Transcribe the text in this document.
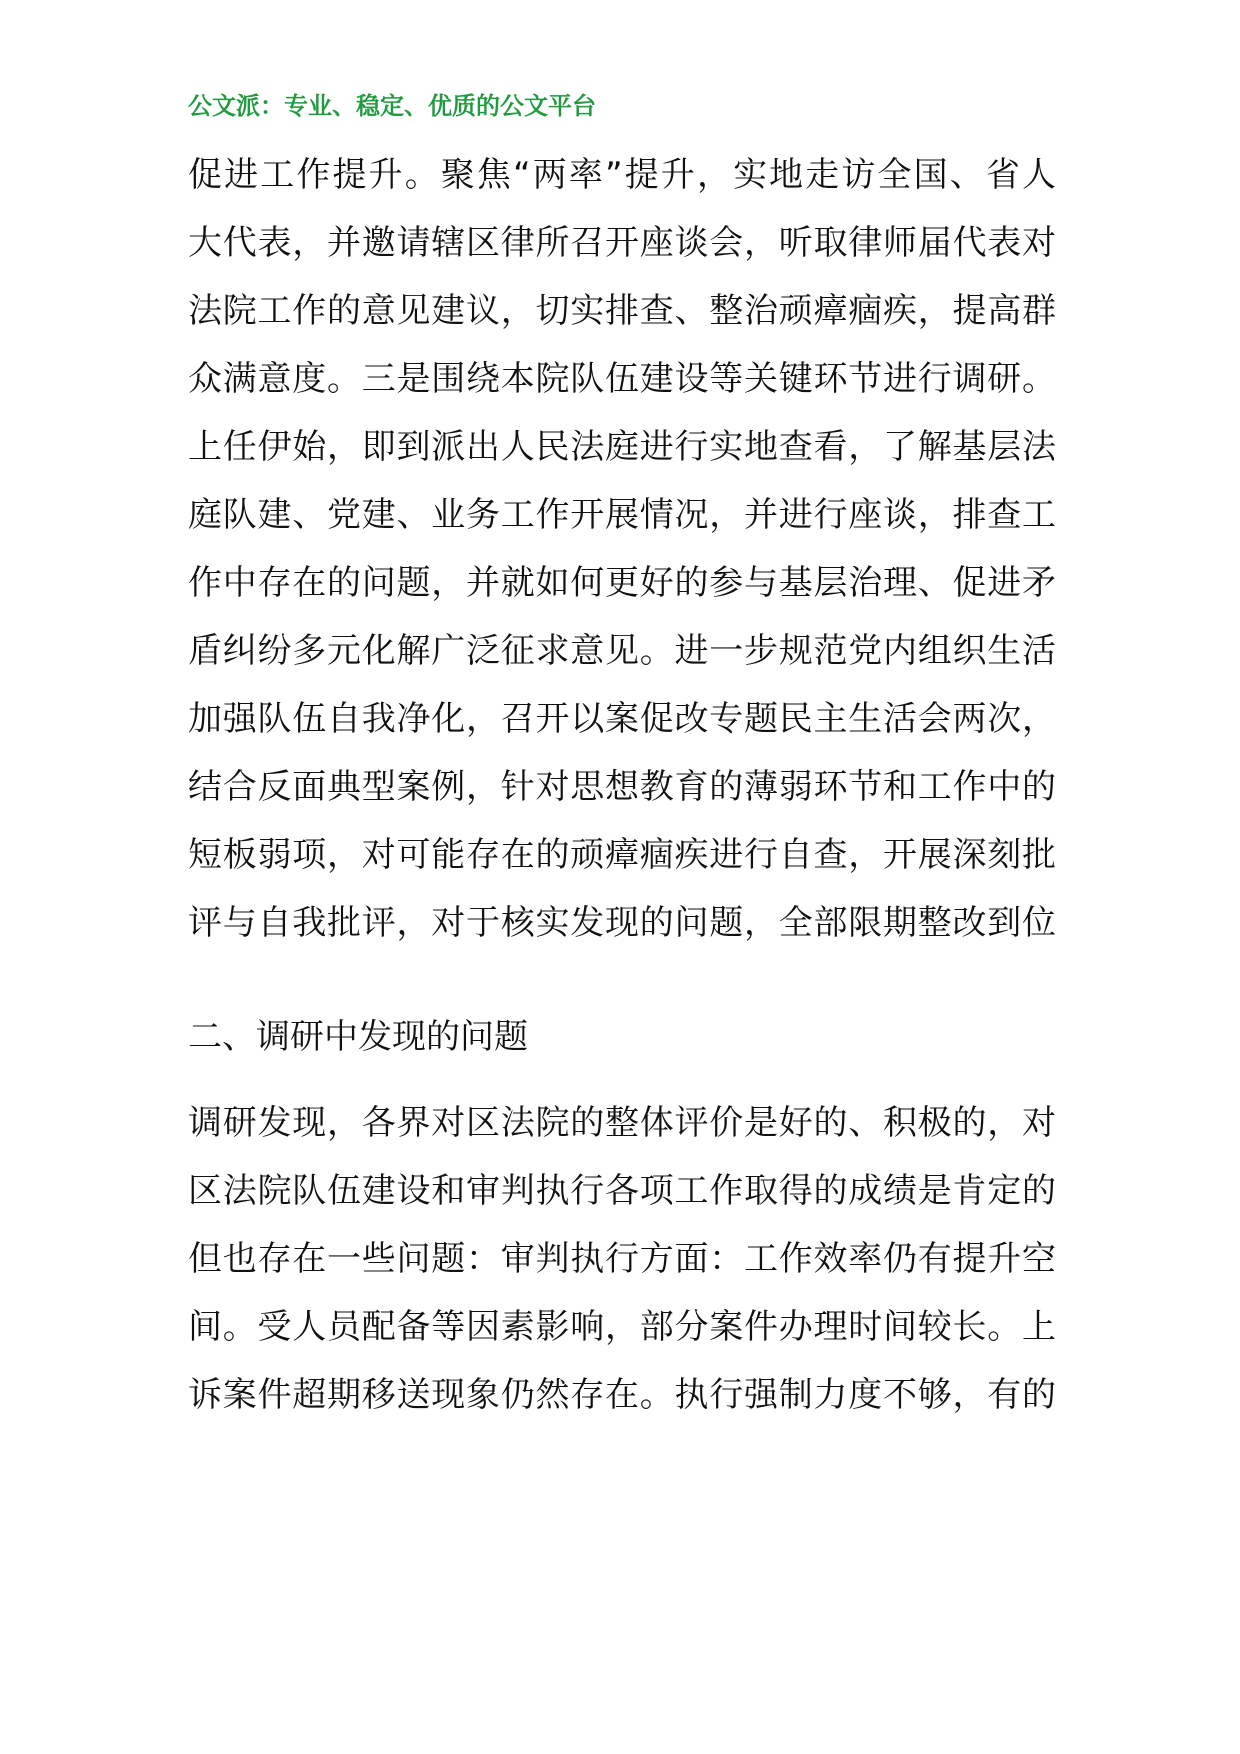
公文派：专业、稳定、优质的公文平台
促进工作提升。聚焦“两率”提升，实地走访全国、省人
大代表，并邀请辖区律所召开座谈会，听取律师届代表对
法院工作的意见建议，切实排查、整治顽瘴痼疾，提高群
众满意度。三是围绕本院队伍建设等关键环节进行调研。
上任伊始，即到派出人民法庭进行实地查看，了解基层法
庭队建、党建、业务工作开展情况，并进行座谈，排查工
作中存在的问题，并就如何更好的参与基层治理、促进矛
盾纠纷多元化解广泛征求意见。进一步规范党内组织生活
加强队伍自我净化，召开以案促改专题民主生活会两次，
结合反面典型案例，针对思想教育的薄弱环节和工作中的
短板弱项，对可能存在的顽瘴痼疾进行自查，开展深刻批
评与自我批评，对于核实发现的问题，全部限期整改到位
二、调研中发现的问题
调研发现，各界对区法院的整体评价是好的、积极的，对
区法院队伍建设和审判执行各项工作取得的成绩是肯定的
但也存在一些问题：审判执行方面：工作效率仍有提升空
间。受人员配备等因素影响，部分案件办理时间较长。上
诉案件超期移送现象仍然存在。执行强制力度不够，有的
